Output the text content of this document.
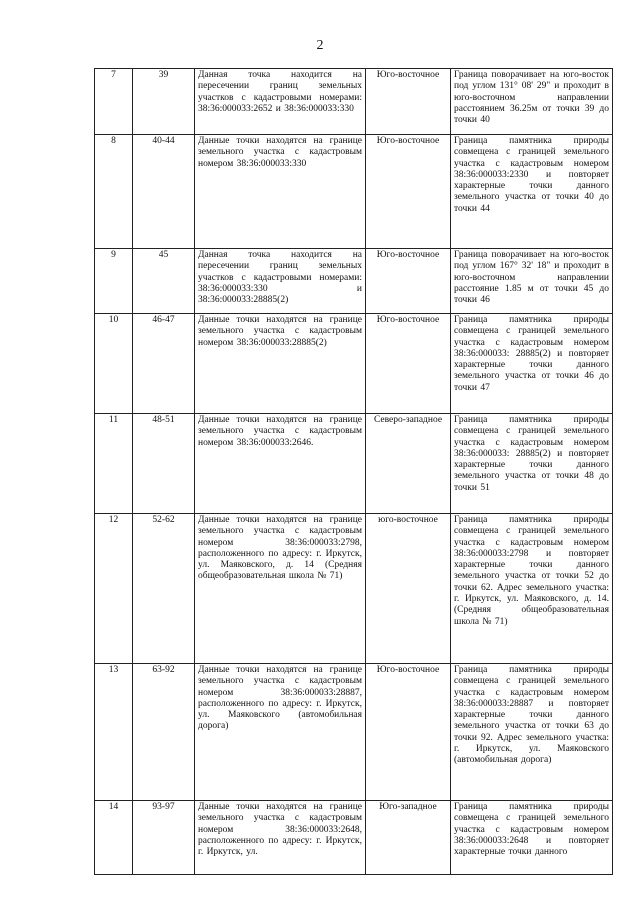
2
7	39	Данная точка находится на пересечении границ земельных участков с кадастровыми номерами: 38:36:000033:2652 и 38:36:000033:330	Юго-восточное	Граница поворачивает на юго-восток под углом 131° 08' 29" и проходит в юго-восточном направлении расстоянием 36.25м от точки 39 до точки 40
8	40-44	Данные точки находятся на границе земельного участка с кадастровым номером 38:36:000033:330	Юго-восточное	Граница памятника природы совмещена с границей земельного участка с кадастровым номером 38:36:000033:2330 и повторяет характерные точки данного земельного участка от точки 40 до точки 44
9	45	Данная точка находится на пересечении границ земельных участков с кадастровыми номерами: 38:36:000033:330 и 38:36:000033:28885(2)	Юго-восточное	Граница поворачивает на юго-восток под углом 167° 32' 18" и проходит в юго-восточном направлении расстояние 1.85 м от точки 45 до точки 46
10	46-47	Данные точки находятся на границе земельного участка с кадастровым номером 38:36:000033:28885(2)	Юго-восточное	Граница памятника природы совмещена с границей земельного участка с кадастровым номером 38:36:000033: 28885(2) и повторяет характерные точки данного земельного участка от точки 46 до точки 47
11	48-51	Данные точки находятся на границе земельного участка с кадастровым номером 38:36:000033:2646.	Северо-западное	Граница памятника природы совмещена с границей земельного участка с кадастровым номером 38:36:000033: 28885(2) и повторяет характерные точки данного земельного участка от точки 48 до точки 51
12	52-62	Данные точки находятся на границе земельного участка с кадастровым номером 38:36:000033:2798, расположенного по адресу: г. Иркутск, ул. Маяковского, д. 14 (Средняя общеобразовательная школа № 71)	юго-восточное	Граница памятника природы совмещена с границей земельного участка с кадастровым номером 38:36:000033:2798 и повторяет характерные точки данного земельного участка от точки 52 до точки 62. Адрес земельного участка: г. Иркутск, ул. Маяковского, д. 14. (Средняя общеобразовательная школа № 71)
13	63-92	Данные точки находятся на границе земельного участка с кадастровым номером 38:36:000033:28887, расположенного по адресу: г. Иркутск, ул. Маяковского (автомобильная дорога)	Юго-восточное	Граница памятника природы совмещена с границей земельного участка с кадастровым номером 38:36:000033:28887 и повторяет характерные точки данного земельного участка от точки 63 до точки 92. Адрес земельного участка: г. Иркутск, ул. Маяковского (автомобильная дорога)
14	93-97	Данные точки находятся на границе земельного участка с кадастровым номером 38:36:000033:2648, расположенного по адресу: г. Иркутск, г. Иркутск, ул.	Юго-западное	Граница памятника природы совмещена с границей земельного участка с кадастровым номером 38:36:000033:2648 и повторяет характерные точки данного
